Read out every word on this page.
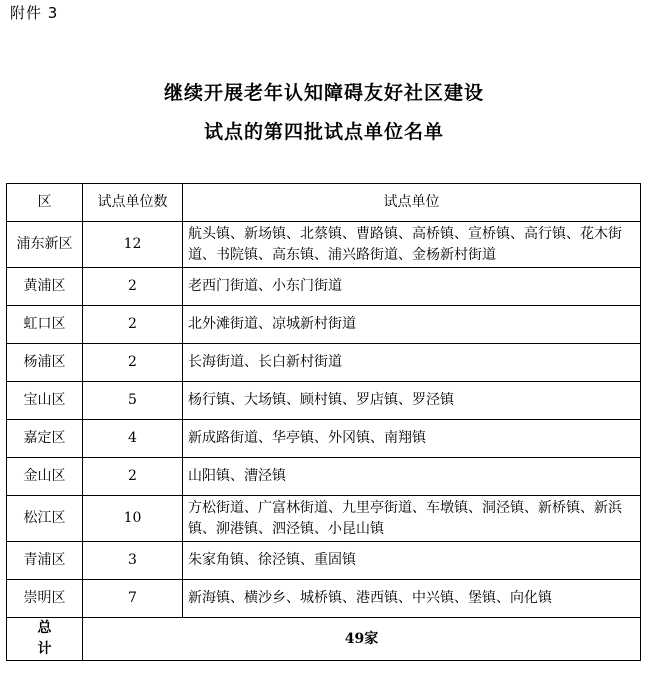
附件 3
继续开展老年认知障碍友好社区建设
试点的第四批试点单位名单
区	试点单位数	试点单位
浦东新区	12	航头镇、新场镇、北蔡镇、曹路镇、高桥镇、宣桥镇、高行镇、花木街道、书院镇、高东镇、浦兴路街道、金杨新村街道
黄浦区	2	老西门街道、小东门街道
虹口区	2	北外滩街道、凉城新村街道
杨浦区	2	长海街道、长白新村街道
宝山区	5	杨行镇、大场镇、顾村镇、罗店镇、罗泾镇
嘉定区	4	新成路街道、华亭镇、外冈镇、南翔镇
金山区	2	山阳镇、漕泾镇
松江区	10	方松街道、广富林街道、九里亭街道、车墩镇、洞泾镇、新桥镇、新浜镇、泖港镇、泗泾镇、小昆山镇
青浦区	3	朱家角镇、徐泾镇、重固镇
崇明区	7	新海镇、横沙乡、城桥镇、港西镇、中兴镇、堡镇、向化镇
总 计	49家	
